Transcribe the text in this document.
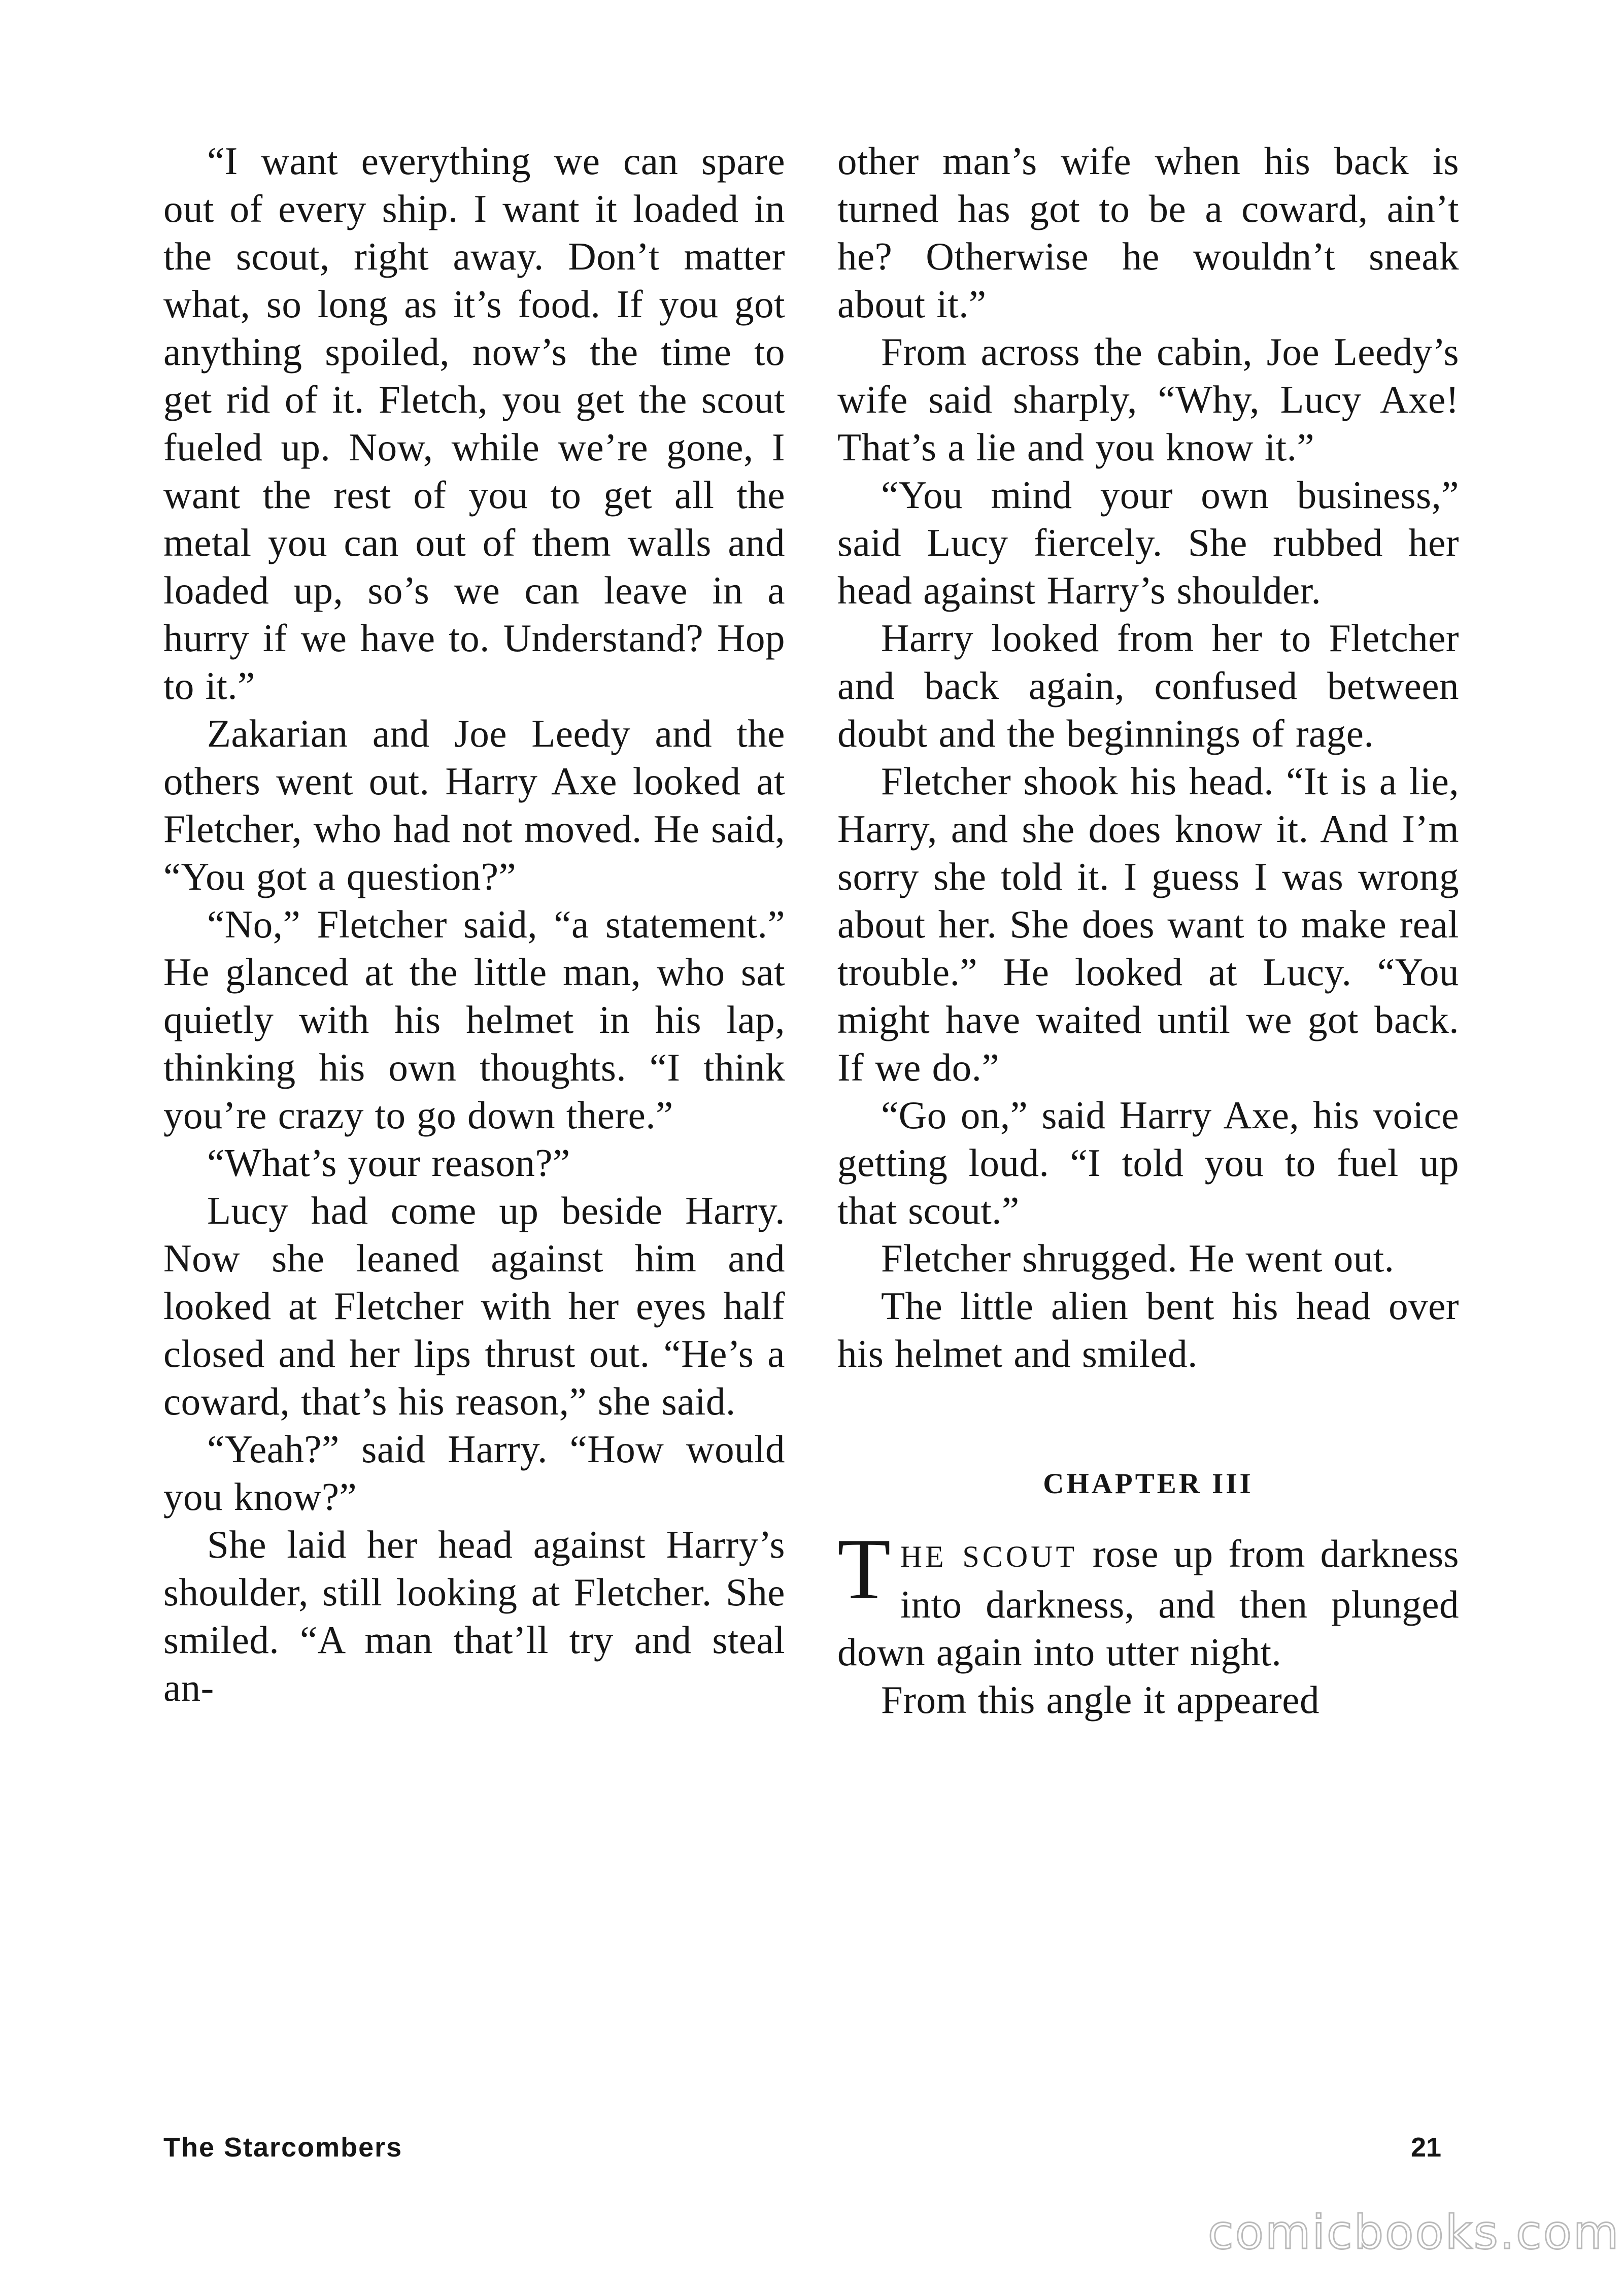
“I want everything we can spare out of every ship. I want it loaded in the scout, right away. Don’t matter what, so long as it’s food. If you got anything spoiled, now’s the time to get rid of it. Fletch, you get the scout fueled up. Now, while we’re gone, I want the rest of you to get all the metal you can out of them walls and loaded up, so’s we can leave in a hurry if we have to. Understand? Hop to it.”

Zakarian and Joe Leedy and the others went out. Harry Axe looked at Fletcher, who had not moved. He said, “You got a question?”

“No,” Fletcher said, “a statement.” He glanced at the little man, who sat quietly with his helmet in his lap, thinking his own thoughts. “I think you’re crazy to go down there.”

“What’s your reason?”

Lucy had come up beside Harry. Now she leaned against him and looked at Fletcher with her eyes half closed and her lips thrust out. “He’s a coward, that’s his reason,” she said.

“Yeah?” said Harry. “How would you know?”

She laid her head against Harry’s shoulder, still looking at Fletcher. She smiled. “A man that’ll try and steal an-

other man’s wife when his back is turned has got to be a coward, ain’t he? Otherwise he wouldn’t sneak about it.”

From across the cabin, Joe Leedy’s wife said sharply, “Why, Lucy Axe! That’s a lie and you know it.”

“You mind your own business,” said Lucy fiercely. She rubbed her head against Harry’s shoulder.

Harry looked from her to Fletcher and back again, confused between doubt and the beginnings of rage.

Fletcher shook his head. “It is a lie, Harry, and she does know it. And I’m sorry she told it. I guess I was wrong about her. She does want to make real trouble.” He looked at Lucy. “You might have waited until we got back. If we do.”

“Go on,” said Harry Axe, his voice getting loud. “I told you to fuel up that scout.”

Fletcher shrugged. He went out.

The little alien bent his head over his helmet and smiled.

CHAPTER III

THE SCOUT rose up from darkness into darkness, and then plunged down again into utter night.

From this angle it appeared

The Starcombers	21
comicbooks.com
